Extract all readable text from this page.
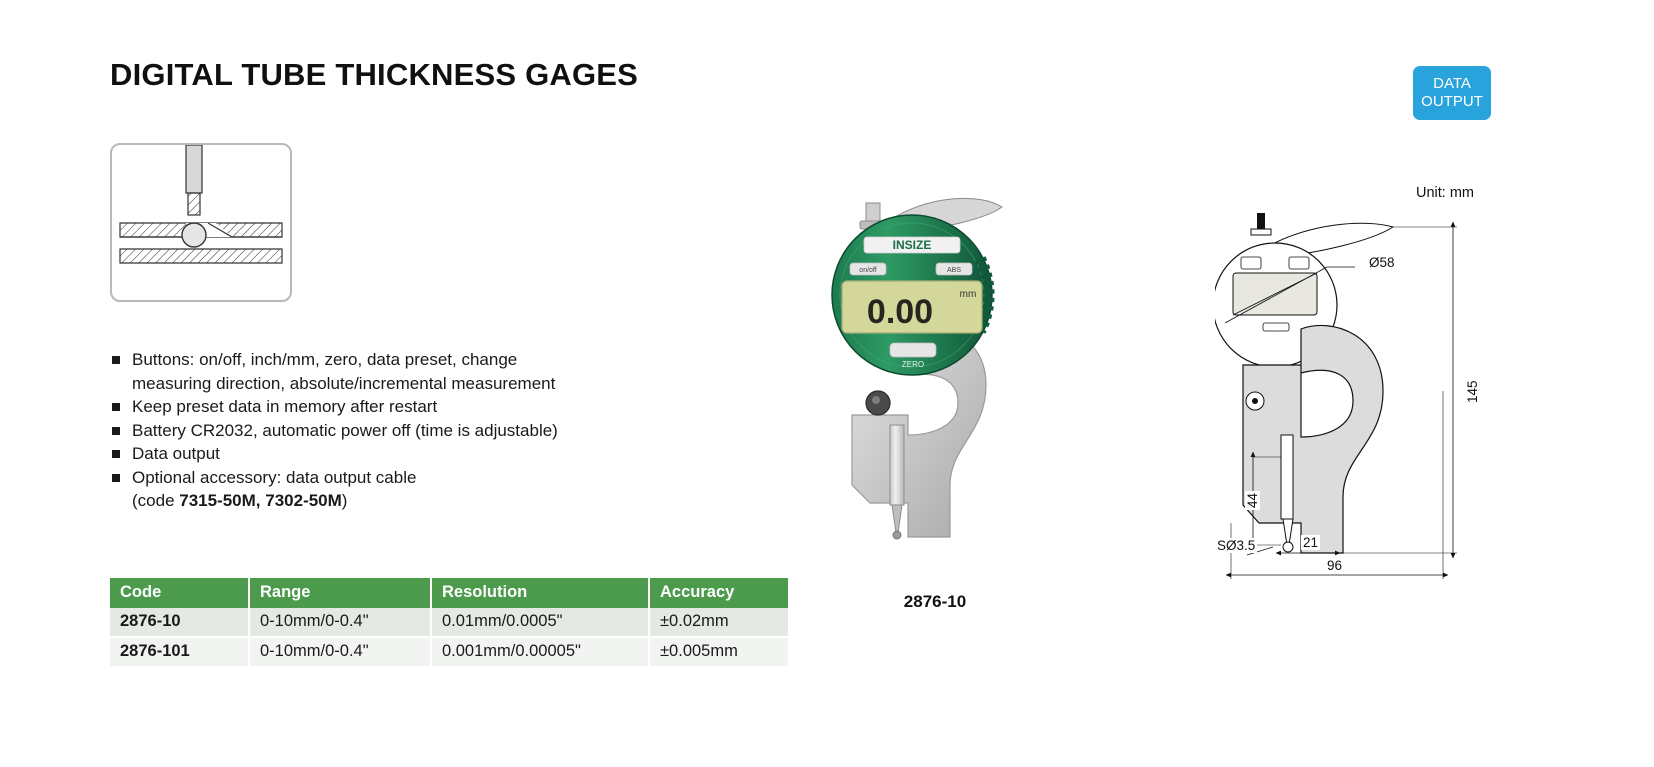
DIGITAL TUBE THICKNESS GAGES	DATA
OUTPUT
Buttons: on/off, inch/mm, zero, data preset, change
measuring direction, absolute/incremental measurement
Keep preset data in memory after restart
Battery CR2032, automatic power off (time is adjustable)
Data output
Optional accessory: data output cable
(code 7315-50M, 7302-50M)
Code	Range	Resolution	Accuracy
2876-10	0-10mm/0-0.4"	0.01mm/0.0005"	±0.02mm
2876-101	0-10mm/0-0.4"	0.001mm/0.00005"	±0.005mm
INSIZE
on/off	ABS
0.00	mm
ZERO
2876-10
Unit: mm
Ø58
145
44
96
21
SØ3.5
